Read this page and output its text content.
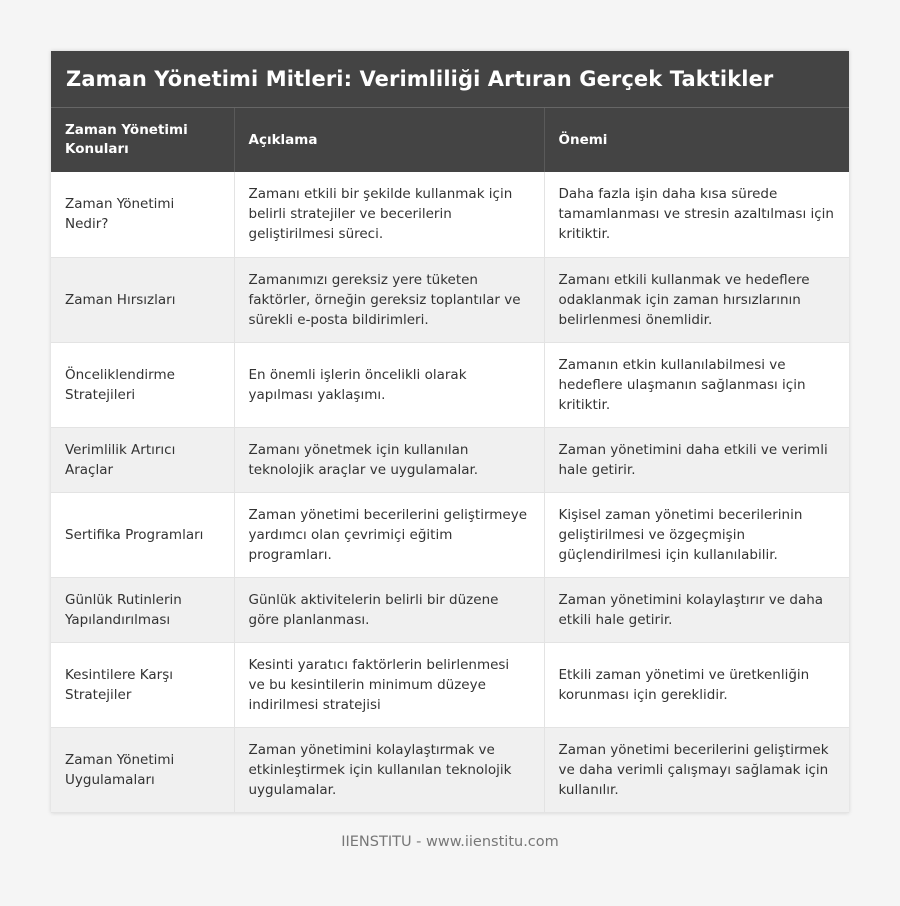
Zaman Yönetimi Mitleri: Verimliliği Artıran Gerçek Taktikler
Zaman Yönetimi Konuları	Açıklama	Önemi
Zaman Yönetimi Nedir?	Zamanı etkili bir şekilde kullanmak için belirli stratejiler ve becerilerin geliştirilmesi süreci.	Daha fazla işin daha kısa sürede tamamlanması ve stresin azaltılması için kritiktir.
Zaman Hırsızları	Zamanımızı gereksiz yere tüketen faktörler, örneğin gereksiz toplantılar ve sürekli e-posta bildirimleri.	Zamanı etkili kullanmak ve hedeflere odaklanmak için zaman hırsızlarının belirlenmesi önemlidir.
Önceliklendirme Stratejileri	En önemli işlerin öncelikli olarak yapılması yaklaşımı.	Zamanın etkin kullanılabilmesi ve hedeflere ulaşmanın sağlanması için kritiktir.
Verimlilik Artırıcı Araçlar	Zamanı yönetmek için kullanılan teknolojik araçlar ve uygulamalar.	Zaman yönetimini daha etkili ve verimli hale getirir.
Sertifika Programları	Zaman yönetimi becerilerini geliştirmeye yardımcı olan çevrimiçi eğitim programları.	Kişisel zaman yönetimi becerilerinin geliştirilmesi ve özgeçmişin güçlendirilmesi için kullanılabilir.
Günlük Rutinlerin Yapılandırılması	Günlük aktivitelerin belirli bir düzene göre planlanması.	Zaman yönetimini kolaylaştırır ve daha etkili hale getirir.
Kesintilere Karşı Stratejiler	Kesinti yaratıcı faktörlerin belirlenmesi ve bu kesintilerin minimum düzeye indirilmesi stratejisi	Etkili zaman yönetimi ve üretkenliğin korunması için gereklidir.
Zaman Yönetimi Uygulamaları	Zaman yönetimini kolaylaştırmak ve etkinleştirmek için kullanılan teknolojik uygulamalar.	Zaman yönetimi becerilerini geliştirmek ve daha verimli çalışmayı sağlamak için kullanılır.
IIENSTITU - www.iienstitu.com
